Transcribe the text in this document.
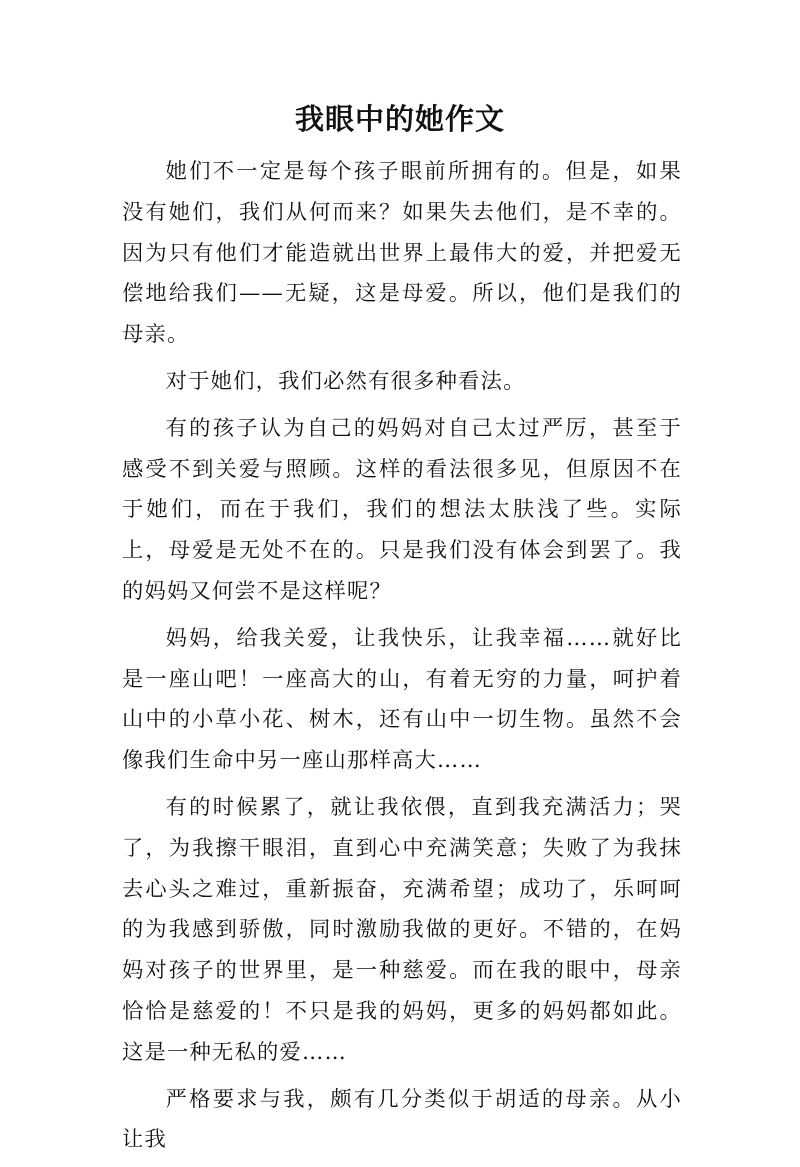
我眼中的她作文

她们不一定是每个孩子眼前所拥有的。但是，如果没有她们，我们从何而来？如果失去他们，是不幸的。因为只有他们才能造就出世界上最伟大的爱，并把爱无偿地给我们——无疑，这是母爱。所以，他们是我们的母亲。

对于她们，我们必然有很多种看法。

有的孩子认为自己的妈妈对自己太过严厉，甚至于感受不到关爱与照顾。这样的看法很多见，但原因不在于她们，而在于我们，我们的想法太肤浅了些。实际上，母爱是无处不在的。只是我们没有体会到罢了。我的妈妈又何尝不是这样呢？

妈妈，给我关爱，让我快乐，让我幸福……就好比是一座山吧！一座高大的山，有着无穷的力量，呵护着山中的小草小花、树木，还有山中一切生物。虽然不会像我们生命中另一座山那样高大……

有的时候累了，就让我依偎，直到我充满活力；哭了，为我擦干眼泪，直到心中充满笑意；失败了为我抹去心头之难过，重新振奋，充满希望；成功了，乐呵呵的为我感到骄傲，同时激励我做的更好。不错的，在妈妈对孩子的世界里，是一种慈爱。而在我的眼中，母亲恰恰是慈爱的！不只是我的妈妈，更多的妈妈都如此。这是一种无私的爱……

严格要求与我，颇有几分类似于胡适的母亲。从小让我
